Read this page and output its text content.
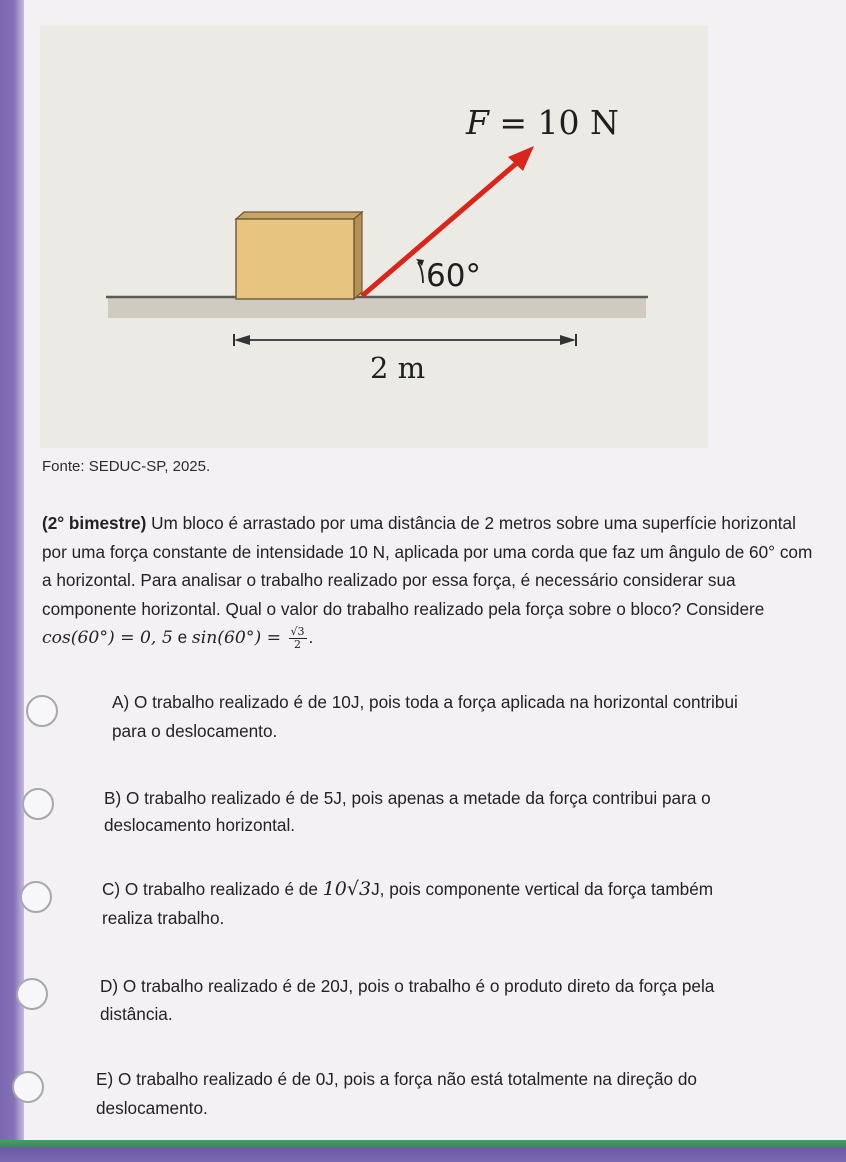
F = 10 N
60°
2 m
Fonte: SEDUC-SP, 2025.
(2° bimestre) Um bloco é arrastado por uma distância de 2 metros sobre uma superfície horizontal por uma força constante de intensidade 10 N, aplicada por uma corda que faz um ângulo de 60° com a horizontal. Para analisar o trabalho realizado por essa força, é necessário considerar sua componente horizontal. Qual o valor do trabalho realizado pela força sobre o bloco? Considere cos(60°) = 0, 5 e $\sin(60^\circ) = \frac{√3}{2}$ .
A) O trabalho realizado é de 10J, pois toda a força aplicada na horizontal contribui
para o deslocamento.
B) O trabalho realizado é de 5J, pois apenas a metade da força contribui para o
deslocamento horizontal.
C) O trabalho realizado é de 10√3J, pois componente vertical da força também
realiza trabalho.
D) O trabalho realizado é de 20J, pois o trabalho é o produto direto da força pela
distância.
E) O trabalho realizado é de 0J, pois a força não está totalmente na direção do
deslocamento.
